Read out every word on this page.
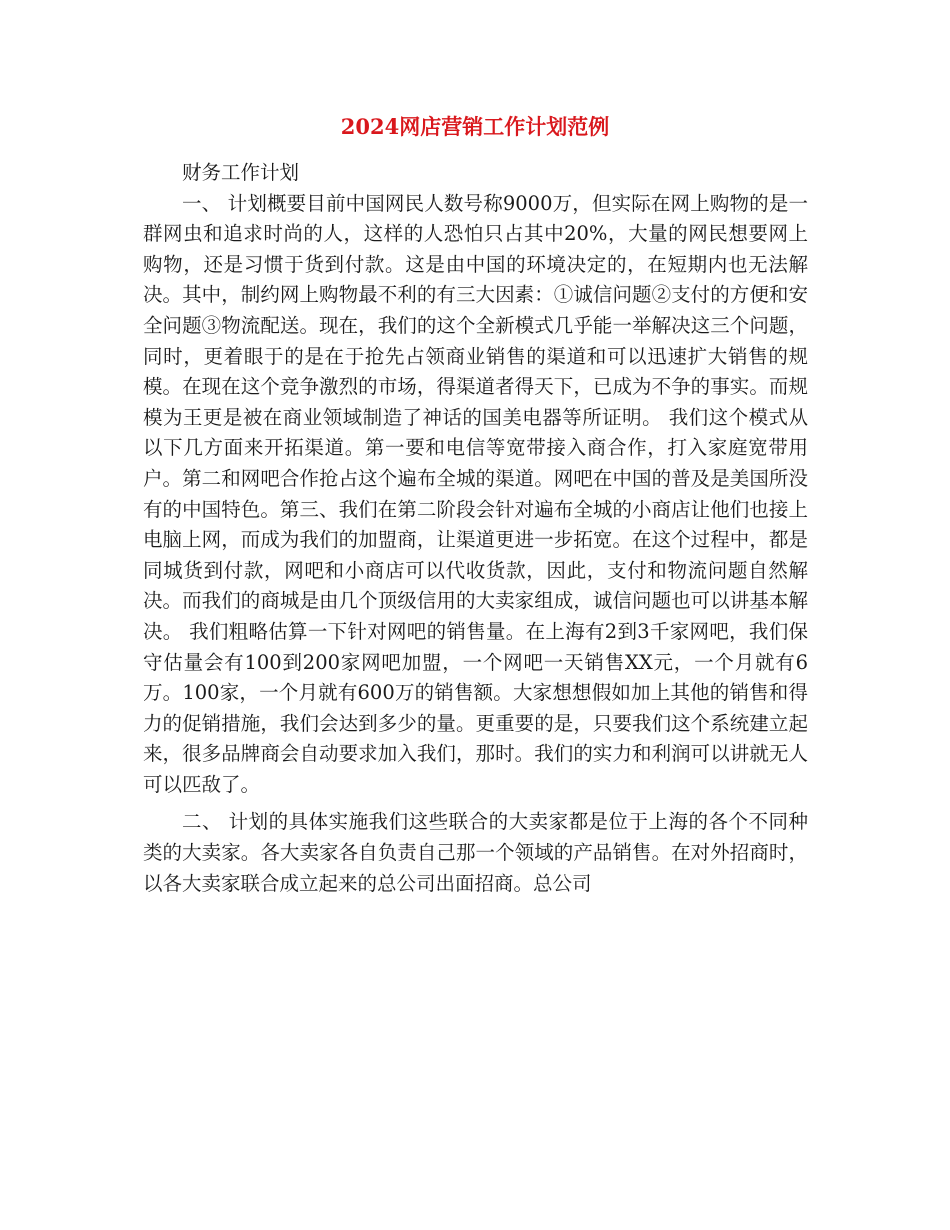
2024网店营销工作计划范例

财务工作计划

一、 计划概要目前中国网民人数号称9000万，但实际在网上购物的是一群网虫和追求时尚的人，这样的人恐怕只占其中20%，大量的网民想要网上购物，还是习惯于货到付款。这是由中国的环境决定的，在短期内也无法解决。其中，制约网上购物最不利的有三大因素：①诚信问题②支付的方便和安全问题③物流配送。现在，我们的这个全新模式几乎能一举解决这三个问题，同时，更着眼于的是在于抢先占领商业销售的渠道和可以迅速扩大销售的规模。在现在这个竞争激烈的市场，得渠道者得天下，已成为不争的事实。而规模为王更是被在商业领域制造了神话的国美电器等所证明。 我们这个模式从以下几方面来开拓渠道。第一要和电信等宽带接入商合作，打入家庭宽带用户。第二和网吧合作抢占这个遍布全城的渠道。网吧在中国的普及是美国所没有的中国特色。第三、我们在第二阶段会针对遍布全城的小商店让他们也接上电脑上网，而成为我们的加盟商，让渠道更进一步拓宽。在这个过程中，都是同城货到付款，网吧和小商店可以代收货款，因此，支付和物流问题自然解决。而我们的商城是由几个顶级信用的大卖家组成，诚信问题也可以讲基本解决。 我们粗略估算一下针对网吧的销售量。在上海有2到3千家网吧，我们保守估量会有100到200家网吧加盟，一个网吧一天销售XX元，一个月就有6万。100家，一个月就有600万的销售额。大家想想假如加上其他的销售和得力的促销措施，我们会达到多少的量。更重要的是，只要我们这个系统建立起来，很多品牌商会自动要求加入我们，那时。我们的实力和利润可以讲就无人可以匹敌了。

二、 计划的具体实施我们这些联合的大卖家都是位于上海的各个不同种类的大卖家。各大卖家各自负责自己那一个领域的产品销售。在对外招商时，以各大卖家联合成立起来的总公司出面招商。总公司
